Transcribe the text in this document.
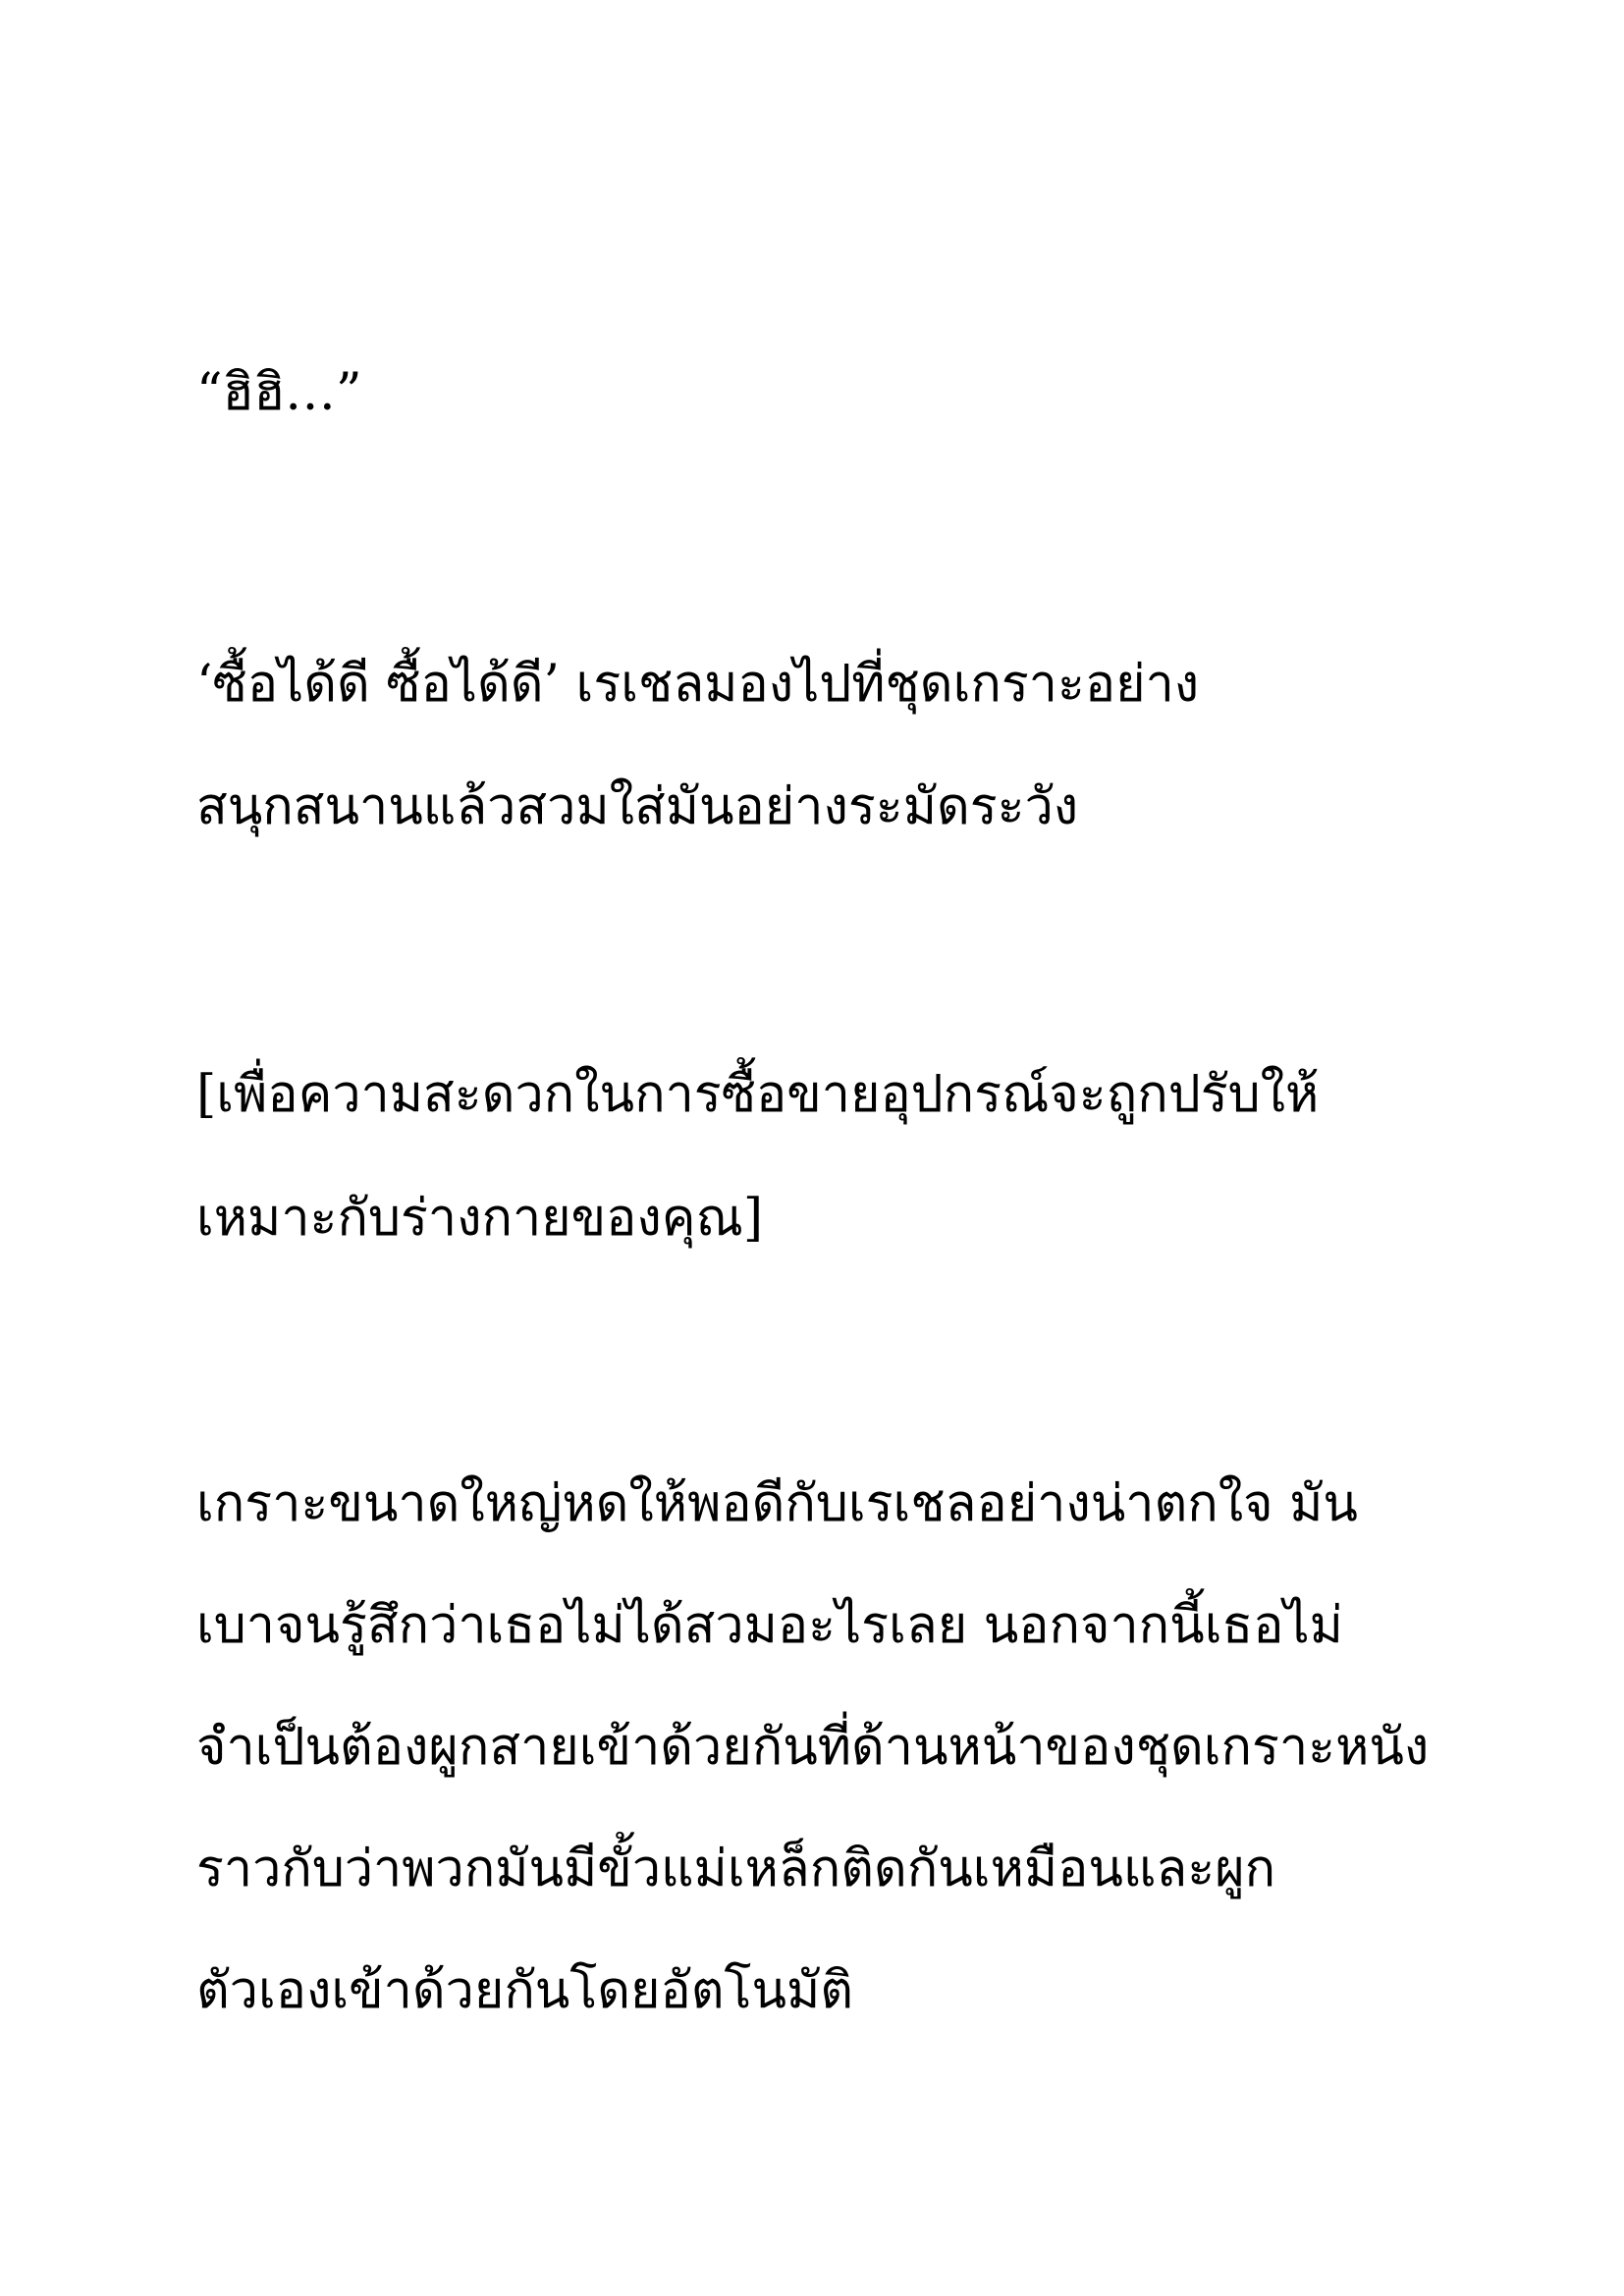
“ฮิฮิ…”
‘ซื้อได้ดี ซื้อได้ดี’ เรเชลมองไปที่ชุดเกราะอย่าง
สนุกสนานแล้วสวมใส่มันอย่างระมัดระวัง
[เพื่อความสะดวกในการซื้อขายอุปกรณ์จะถูกปรับให้
เหมาะกับร่างกายของคุณ]
เกราะขนาดใหญ่หดให้พอดีกับเรเชลอย่างน่าตกใจ มัน
เบาจนรู้สึกว่าเธอไม่ได้สวมอะไรเลย นอกจากนี้เธอไม่
จำเป็นต้องผูกสายเข้าด้วยกันที่ด้านหน้าของชุดเกราะหนัง
ราวกับว่าพวกมันมีขั้วแม่เหล็กติดกันเหมือนและผูก
ตัวเองเข้าด้วยกันโดยอัตโนมัติ
